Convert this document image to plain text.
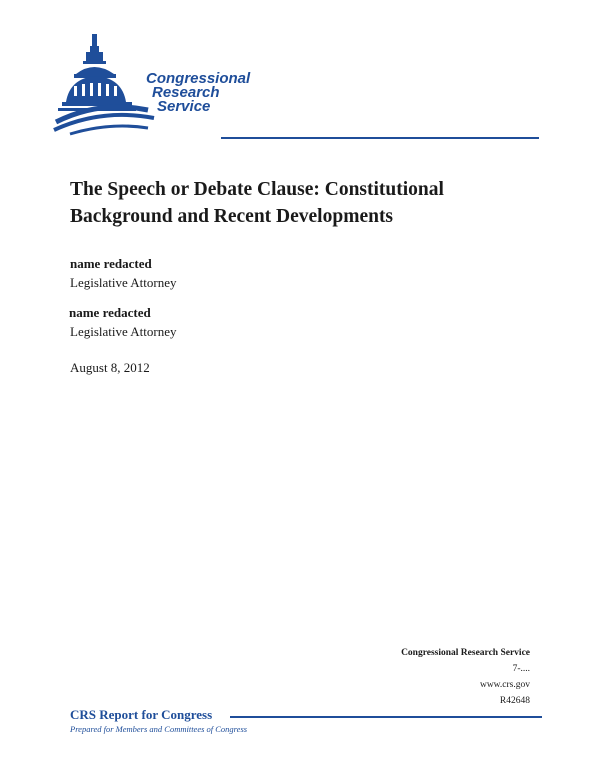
Congressional
Research
Service
The Speech or Debate Clause: Constitutional Background and Recent Developments
name redacted
Legislative Attorney
name redacted
Legislative Attorney
August 8, 2012
Congressional Research Service
7-....
www.crs.gov
R42648
CRS Report for Congress
Prepared for Members and Committees of Congress
